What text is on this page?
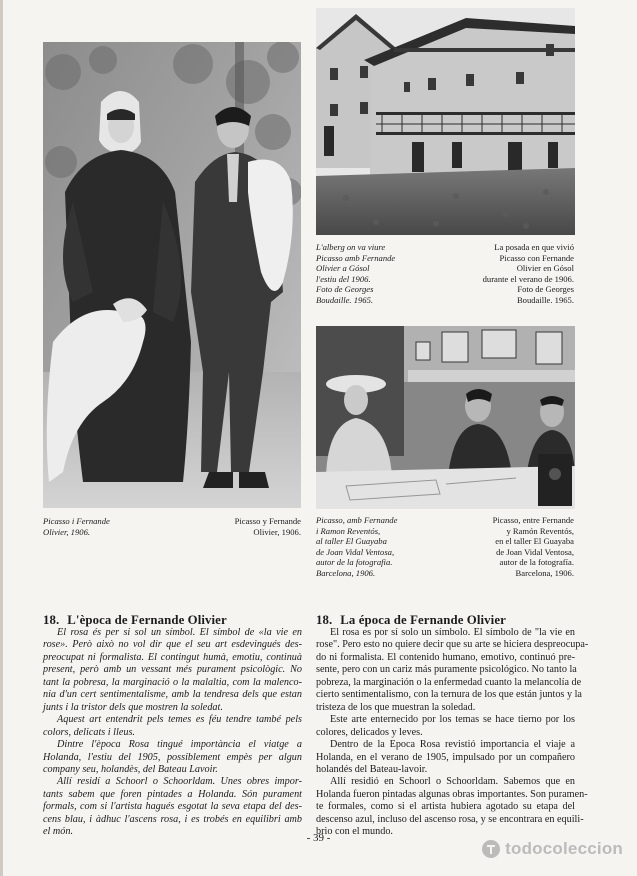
L'alberg on va viure
Picasso amb Fernande
Olivier a Gósol
l'estiu del 1906.
Foto de Georges
Boudaille. 1965.
La posada en que vivió
Picasso con Fernande
Olivier en Gósol
durante el verano de 1906.
Foto de Georges
Boudaille. 1965.
Picasso, amb Fernande
i Ramon Reventós,
al taller El Guayaba
de Joan Vidal Ventosa,
autor de la fotografia.
Barcelona, 1906.
Picasso, entre Fernande
y Ramón Reventós,
en el taller El Guayaba
de Joan Vidal Ventosa,
autor de la fotografía.
Barcelona, 1906.
Picasso i Fernande
Olivier, 1906.
Picasso y Fernande
Olivier, 1906.
18. L'època de Fernande Olivier	18. La época de Fernande Olivier
El rosa és per si sol un símbol. El símbol de «la vie en
rose». Però això no vol dir que el seu art esdevingués des-
preocupat ni formalista. El contingut humà, emotiu, continuà
present, però amb un vessant més purament psicològic. No
tant la pobresa, la marginació o la malaltia, com la malenco-
nia d'un cert sentimentalisme, amb la tendresa dels que estan
junts i la tristor dels que mostren la soledat.
Aquest art entendrit pels temes es féu tendre també pels
colors, delicats i lleus.
Dintre l'època Rosa tingué importància el viatge a
Holanda, l'estiu del 1905, possiblement empès per algun
company seu, holandès, del Bateau Lavoir.
Allí residí a Schoorl o Schoorldam. Unes obres impor-
tants sabem que foren pintades a Holanda. Són purament
formals, com si l'artista hagués esgotat la seva etapa del des-
cens blau, i àdhuc l'ascens rosa, i es trobés en equilibri amb
el món.
El rosa es por sí solo un símbolo. El símbolo de "la vie en
rose". Pero esto no quiere decir que su arte se hiciera despreocupa-
do ni formalista. El contenido humano, emotivo, continuó pre-
sente, pero con un cariz más puramente psicológico. No tanto la
pobreza, la marginación o la enfermedad cuanto la melancolía de
cierto sentimentalismo, con la ternura de los que están juntos y la
tristeza de los que muestran la soledad.
Este arte enternecido por los temas se hace tierno por los
colores, delicados y leves.
Dentro de la Epoca Rosa revistió importancia el viaje a
Holanda, en el verano de 1905, impulsado por un compañero
holandés del Bateau-lavoir.
Allí residió en Schoorl o Schoorldam. Sabemos que en
Holanda fueron pintadas algunas obras importantes. Son puramen-
te formales, como si el artista hubiera agotado su etapa del
descenso azul, incluso del ascenso rosa, y se encontrara en equili-
brio con el mundo.
- 39 -
todocoleccion
